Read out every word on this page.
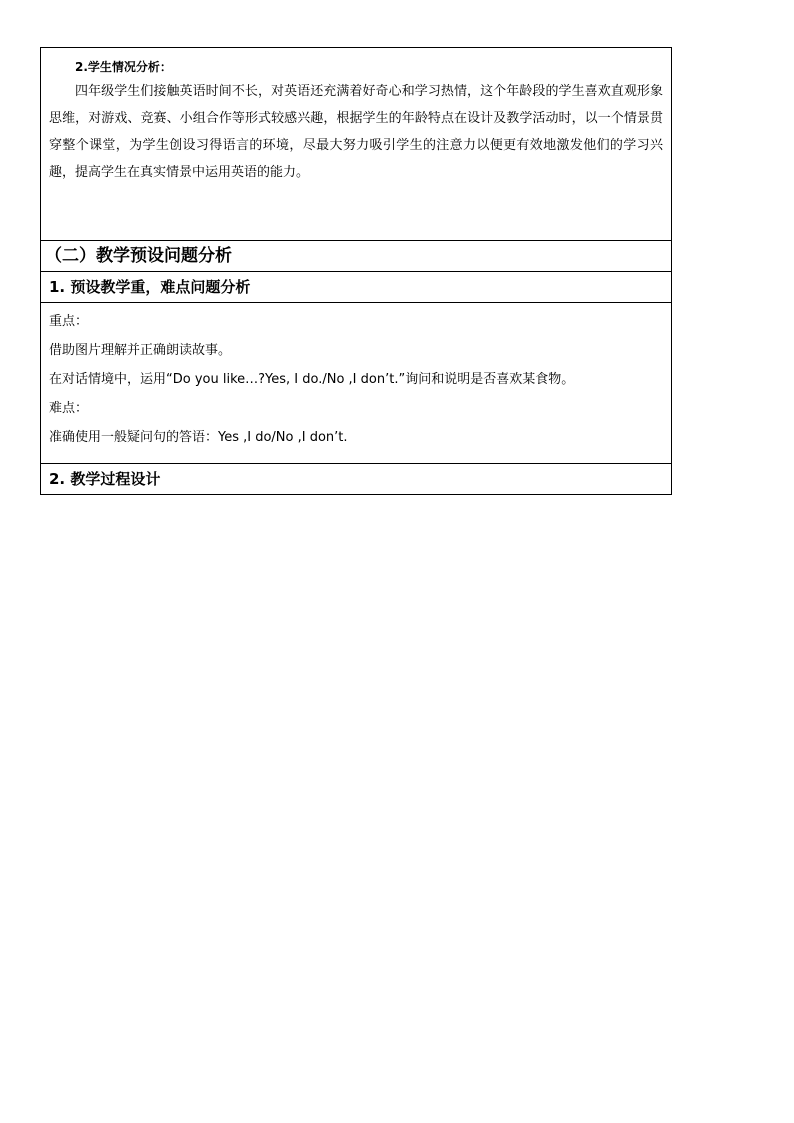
2.学生情况分析：

四年级学生们接触英语时间不长，对英语还充满着好奇心和学习热情，这个年龄段的学生喜欢直观形象思维，对游戏、竞赛、小组合作等形式较感兴趣，根据学生的年龄特点在设计及教学活动时，以一个情景贯穿整个课堂，为学生创设习得语言的环境，尽最大努力吸引学生的注意力以便更有效地激发他们的学习兴趣，提高学生在真实情景中运用英语的能力。

（二）教学预设问题分析
1. 预设教学重，难点问题分析

重点：
借助图片理解并正确朗读故事。
在对话情境中，运用“Do you like…?Yes, I do./No ,I don’t.”询问和说明是否喜欢某食物。
难点：
准确使用一般疑问句的答语：Yes ,I do/No ,I don’t.

2. 教学过程设计
